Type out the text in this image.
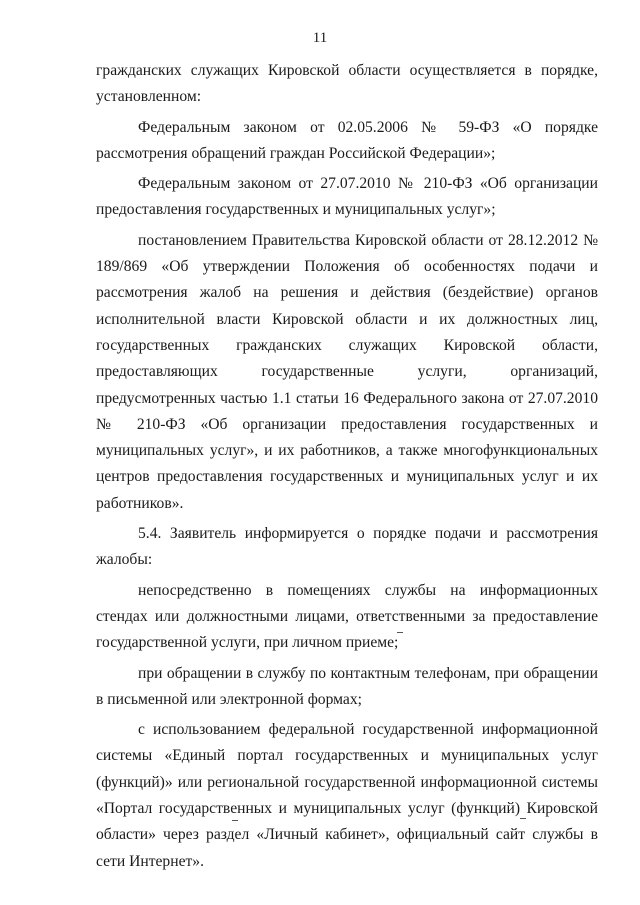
11

гражданских служащих Кировской области осуществляется в порядке, установленном:

Федеральным законом от 02.05.2006 № 59-ФЗ «О порядке рассмотрения обращений граждан Российской Федерации»;

Федеральным законом от 27.07.2010 № 210-ФЗ «Об организации предоставления государственных и муниципальных услуг»;

постановлением Правительства Кировской области от 28.12.2012 № 189/869 «Об утверждении Положения об особенностях подачи и рассмотрения жалоб на решения и действия (бездействие) органов исполнительной власти Кировской области и их должностных лиц, государственных гражданских служащих Кировской области, предоставляющих государственные услуги, организаций, предусмотренных частью 1.1 статьи 16 Федерального закона от 27.07.2010 № 210-ФЗ «Об организации предоставления государственных и муниципальных услуг», и их работников, а также многофункциональных центров предоставления государственных и муниципальных услуг и их работников».

5.4. Заявитель информируется о порядке подачи и рассмотрения жалобы:

непосредственно в помещениях службы на информационных стендах или должностными лицами, ответственными за предоставление государственной услуги, при личном приеме;

при обращении в службу по контактным телефонам, при обращении в письменной или электронной формах;

с использованием федеральной государственной информационной системы «Единый портал государственных и муниципальных услуг (функций)» или региональной государственной информационной системы «Портал государственных и муниципальных услуг (функций) Кировской области» через раздел «Личный кабинет», официальный сайт службы в сети Интернет».
